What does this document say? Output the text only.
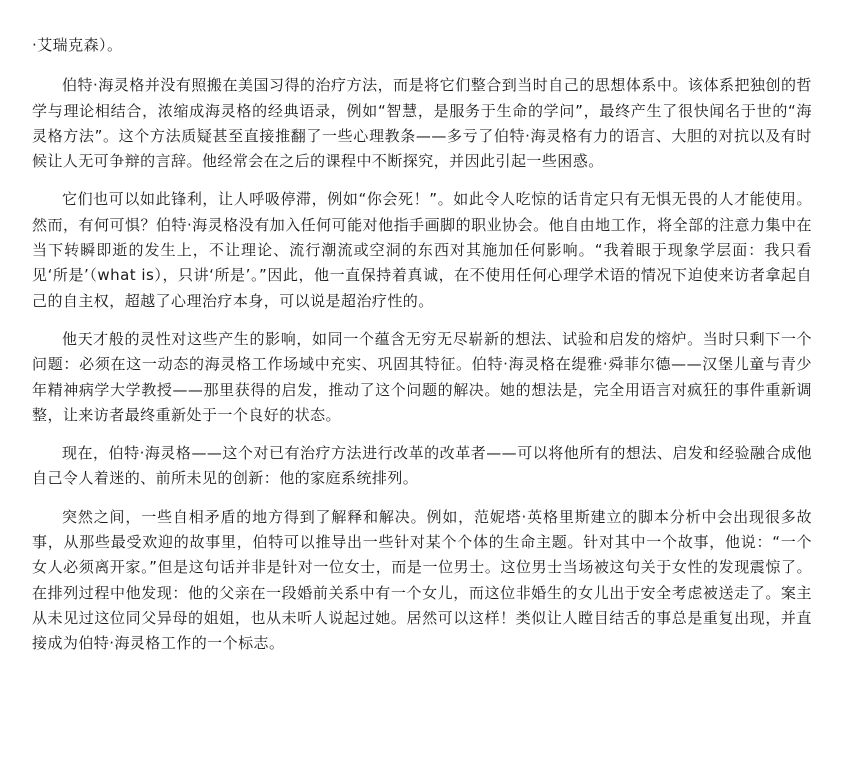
·艾瑞克森）。

伯特·海灵格并没有照搬在美国习得的治疗方法，而是将它们整合到当时自己的思想体系中。该体系把独创的哲学与理论相结合，浓缩成海灵格的经典语录，例如“智慧，是服务于生命的学问”，最终产生了很快闻名于世的“海灵格方法”。这个方法质疑甚至直接推翻了一些心理教条——多亏了伯特·海灵格有力的语言、大胆的对抗以及有时候让人无可争辩的言辞。他经常会在之后的课程中不断探究，并因此引起一些困惑。

它们也可以如此锋利，让人呼吸停滞，例如“你会死！”。如此令人吃惊的话肯定只有无惧无畏的人才能使用。然而，有何可惧？伯特·海灵格没有加入任何可能对他指手画脚的职业协会。他自由地工作，将全部的注意力集中在当下转瞬即逝的发生上，不让理论、流行潮流或空洞的东西对其施加任何影响。“我着眼于现象学层面：我只看见‘所是’（what is），只讲‘所是’。”因此，他一直保持着真诚，在不使用任何心理学术语的情况下迫使来访者拿起自己的自主权，超越了心理治疗本身，可以说是超治疗性的。

他天才般的灵性对这些产生的影响，如同一个蕴含无穷无尽崭新的想法、试验和启发的熔炉。当时只剩下一个问题：必须在这一动态的海灵格工作场域中充实、巩固其特征。伯特·海灵格在缇雅·舜菲尔德——汉堡儿童与青少年精神病学大学教授——那里获得的启发，推动了这个问题的解决。她的想法是，完全用语言对疯狂的事件重新调整，让来访者最终重新处于一个良好的状态。

现在，伯特·海灵格——这个对已有治疗方法进行改革的改革者——可以将他所有的想法、启发和经验融合成他自己令人着迷的、前所未见的创新：他的家庭系统排列。

突然之间，一些自相矛盾的地方得到了解释和解决。例如，范妮塔·英格里斯建立的脚本分析中会出现很多故事，从那些最受欢迎的故事里，伯特可以推导出一些针对某个个体的生命主题。针对其中一个故事，他说：“一个女人必须离开家。”但是这句话并非是针对一位女士，而是一位男士。这位男士当场被这句关于女性的发现震惊了。在排列过程中他发现：他的父亲在一段婚前关系中有一个女儿，而这位非婚生的女儿出于安全考虑被送走了。案主从未见过这位同父异母的姐姐，也从未听人说起过她。居然可以这样！类似让人瞠目结舌的事总是重复出现，并直接成为伯特·海灵格工作的一个标志。
